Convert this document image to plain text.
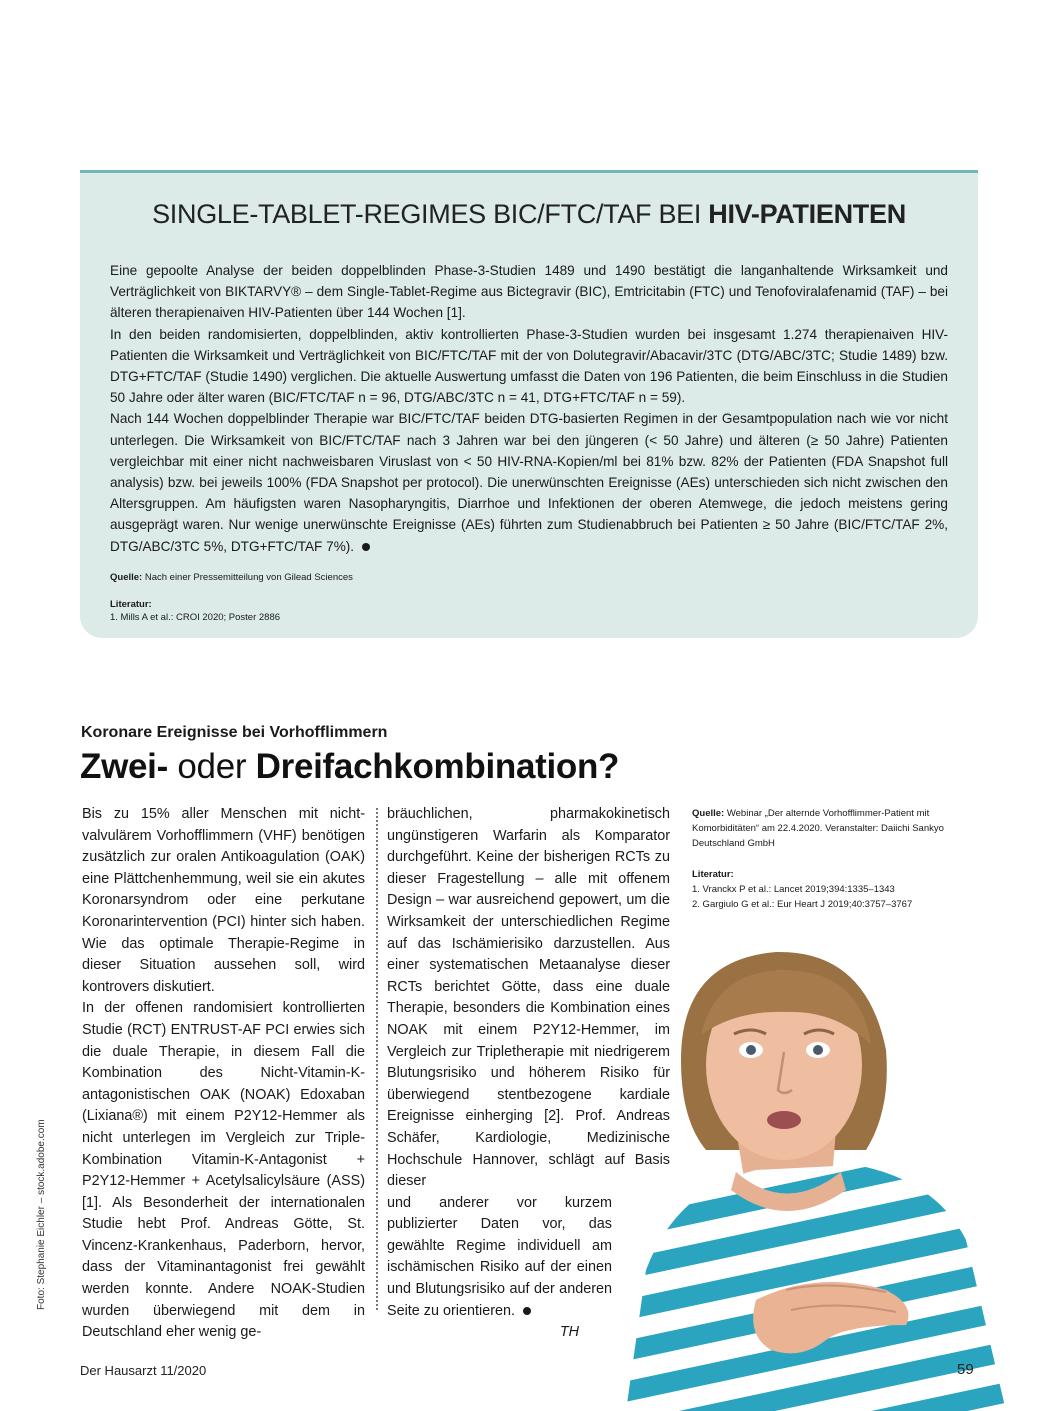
SINGLE-TABLET-REGIMES BIC/FTC/TAF BEI HIV-PATIENTEN

Eine gepoolte Analyse der beiden doppelblinden Phase-3-Studien 1489 und 1490 bestätigt die langanhaltende Wirksamkeit und Verträglichkeit von BIKTARVY® – dem Single-Tablet-Regime aus Bictegravir (BIC), Emtricitabin (FTC) und Tenofoviralafenamid (TAF) – bei älteren therapienaiven HIV-Patienten über 144 Wochen [1].

In den beiden randomisierten, doppelblinden, aktiv kontrollierten Phase-3-Studien wurden bei insgesamt 1.274 therapienaiven HIV-Patienten die Wirksamkeit und Verträglichkeit von BIC/FTC/TAF mit der von Dolutegravir/Abacavir/3TC (DTG/ABC/3TC; Studie 1489) bzw. DTG+FTC/TAF (Studie 1490) verglichen. Die aktuelle Auswertung umfasst die Daten von 196 Patienten, die beim Einschluss in die Studien 50 Jahre oder älter waren (BIC/FTC/TAF n = 96, DTG/ABC/3TC n = 41, DTG+FTC/TAF n = 59).

Nach 144 Wochen doppelblinder Therapie war BIC/FTC/TAF beiden DTG-basierten Regimen in der Gesamtpopulation nach wie vor nicht unterlegen. Die Wirksamkeit von BIC/FTC/TAF nach 3 Jahren war bei den jüngeren (< 50 Jahre) und älteren (≥ 50 Jahre) Patienten vergleichbar mit einer nicht nachweisbaren Viruslast von < 50 HIV-RNA-Kopien/ml bei 81% bzw. 82% der Patienten (FDA Snapshot full analysis) bzw. bei jeweils 100% (FDA Snapshot per protocol). Die unerwünschten Ereignisse (AEs) unterschieden sich nicht zwischen den Altersgruppen. Am häufigsten waren Nasopharyngitis, Diarrhoe und Infektionen der oberen Atemwege, die jedoch meistens gering ausgeprägt waren. Nur wenige unerwünschte Ereignisse (AEs) führten zum Studienabbruch bei Patienten ≥ 50 Jahre (BIC/FTC/TAF 2%, DTG/ABC/3TC 5%, DTG+FTC/TAF 7%).

Quelle: Nach einer Pressemitteilung von Gilead Sciences
Literatur:
1. Mills A et al.: CROI 2020; Poster 2886
Koronare Ereignisse bei Vorhofflimmern
Zwei- oder Dreifachkombination?

Bis zu 15% aller Menschen mit nicht-valvulärem Vorhofflimmern (VHF) benötigen zusätzlich zur oralen Antikoagulation (OAK) eine Plättchenhemmung, weil sie ein akutes Koronarsyndrom oder eine perkutane Koronarintervention (PCI) hinter sich haben. Wie das optimale Therapie-Regime in dieser Situation aussehen soll, wird kontrovers diskutiert.

In der offenen randomisiert kontrollierten Studie (RCT) ENTRUST-AF PCI erwies sich die duale Therapie, in diesem Fall die Kombination des Nicht-Vitamin-K-antagonistischen OAK (NOAK) Edoxaban (Lixiana®) mit einem P2Y12-Hemmer als nicht unterlegen im Vergleich zur Triple-Kombination Vitamin-K-Antagonist + P2Y12-Hemmer + Acetylsalicylsäure (ASS) [1]. Als Besonderheit der internationalen Studie hebt Prof. Andreas Götte, St. Vincenz-Krankenhaus, Paderborn, hervor, dass der Vitaminantagonist frei gewählt werden konnte. Andere NOAK-Studien wurden überwiegend mit dem in Deutschland eher wenig ge-

bräuchlichen, pharmakokinetisch ungünstigeren Warfarin als Komparator durchgeführt. Keine der bisherigen RCTs zu dieser Fragestellung – alle mit offenem Design – war ausreichend gepowert, um die Wirksamkeit der unterschiedlichen Regime auf das Ischämierisiko darzustellen. Aus einer systematischen Metaanalyse dieser RCTs berichtet Götte, dass eine duale Therapie, besonders die Kombination eines NOAK mit einem P2Y12-Hemmer, im Vergleich zur Tripletherapie mit niedrigerem Blutungsrisiko und höherem Risiko für überwiegend stentbezogene kardiale Ereignisse einherging [2]. Prof. Andreas Schäfer, Kardiologie, Medizinische Hochschule Hannover, schlägt auf Basis dieser

und anderer vor kurzem publizierter Daten vor, das gewählte Regime individuell am ischämischen Risiko auf der einen und Blutungsrisiko auf der anderen Seite zu orientieren.

TH

Quelle: Webinar „Der alternde Vorhofflimmer-Patient mit Komorbiditäten“ am 22.4.2020. Veranstalter: Daiichi Sankyo Deutschland GmbH

Literatur:

1. Vranckx P et al.: Lancet 2019;394:1335–1343

2. Gargiulo G et al.: Eur Heart J 2019;40:3757–3767

Foto: Stephanie Eichler – stock.adobe.com
Der Hausarzt 11/2020	59
